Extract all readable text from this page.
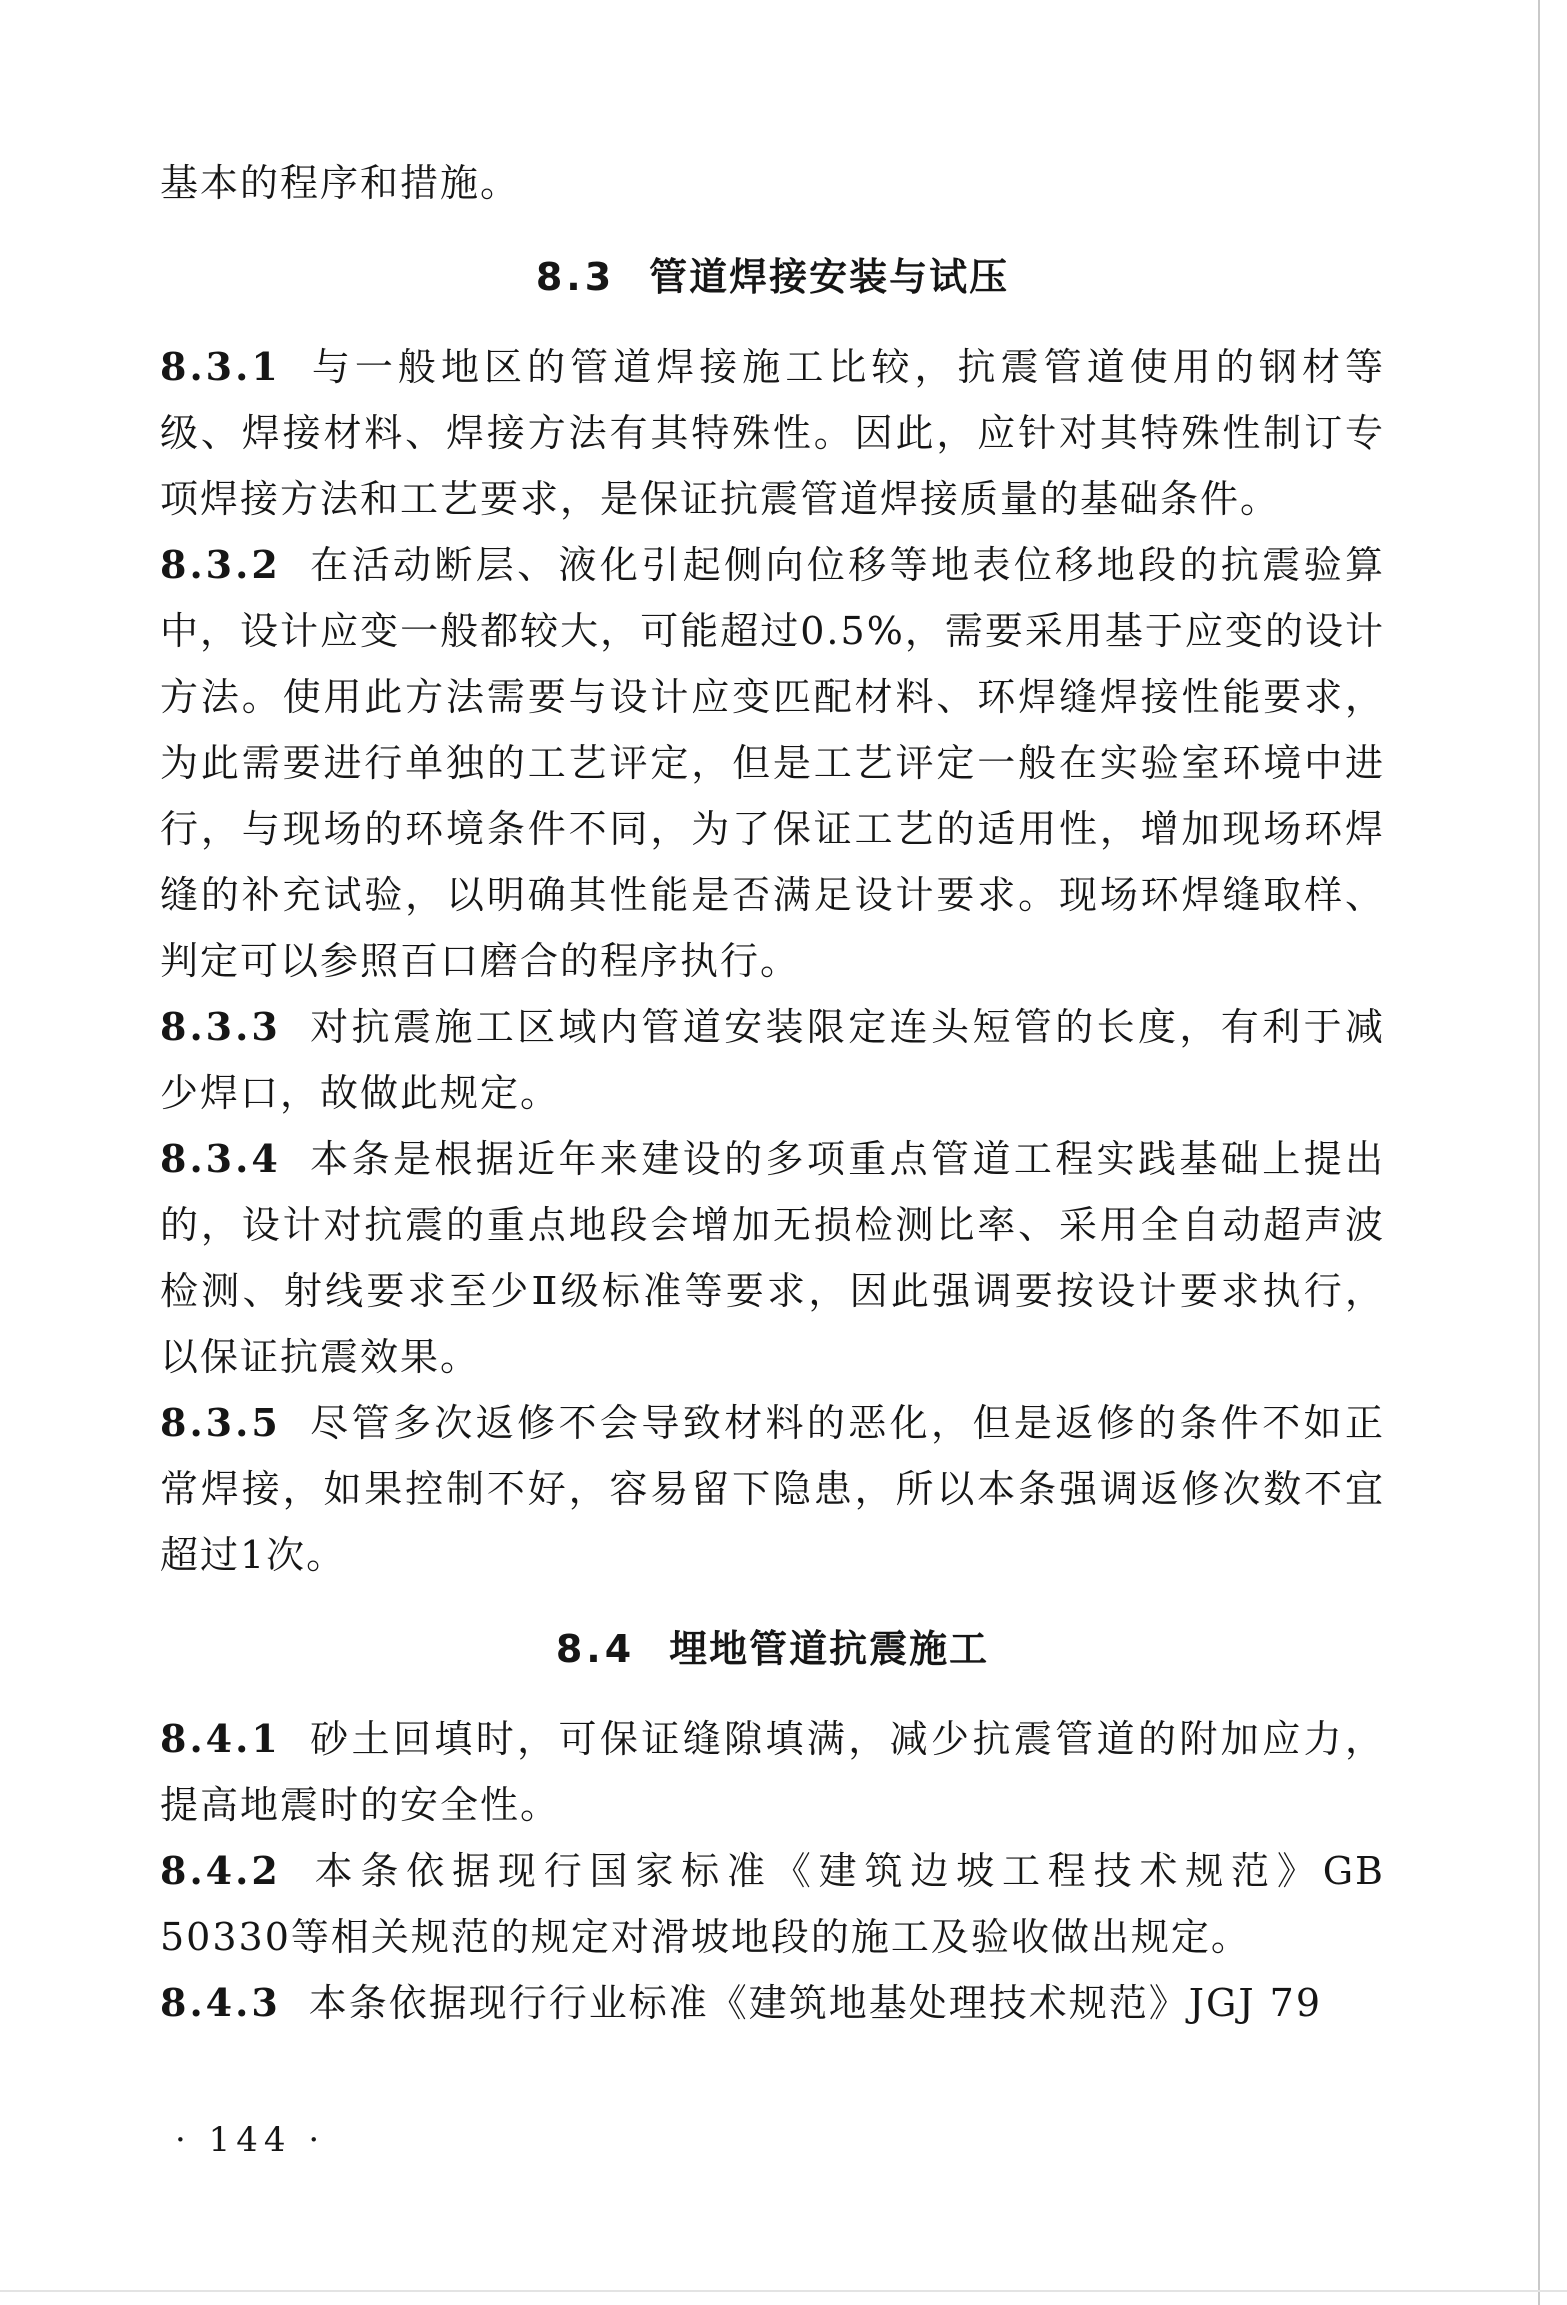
基本的程序和措施。

8.3 管道焊接安装与试压

8.3.1 与一般地区的管道焊接施工比较，抗震管道使用的钢材等级、焊接材料、焊接方法有其特殊性。因此，应针对其特殊性制订专项焊接方法和工艺要求，是保证抗震管道焊接质量的基础条件。

8.3.2 在活动断层、液化引起侧向位移等地表位移地段的抗震验算中，设计应变一般都较大，可能超过0.5%，需要采用基于应变的设计方法。使用此方法需要与设计应变匹配材料、环焊缝焊接性能要求，为此需要进行单独的工艺评定，但是工艺评定一般在实验室环境中进行，与现场的环境条件不同，为了保证工艺的适用性，增加现场环焊缝的补充试验，以明确其性能是否满足设计要求。现场环焊缝取样、判定可以参照百口磨合的程序执行。

8.3.3 对抗震施工区域内管道安装限定连头短管的长度，有利于减少焊口，故做此规定。

8.3.4 本条是根据近年来建设的多项重点管道工程实践基础上提出的，设计对抗震的重点地段会增加无损检测比率、采用全自动超声波检测、射线要求至少Ⅱ级标准等要求，因此强调要按设计要求执行，以保证抗震效果。

8.3.5 尽管多次返修不会导致材料的恶化，但是返修的条件不如正常焊接，如果控制不好，容易留下隐患，所以本条强调返修次数不宜超过1次。

8.4 埋地管道抗震施工

8.4.1 砂土回填时，可保证缝隙填满，减少抗震管道的附加应力，提高地震时的安全性。

8.4.2 本条依据现行国家标准《建筑边坡工程技术规范》GB 50330等相关规范的规定对滑坡地段的施工及验收做出规定。

8.4.3 本条依据现行行业标准《建筑地基处理技术规范》JGJ 79

· 144 ·
